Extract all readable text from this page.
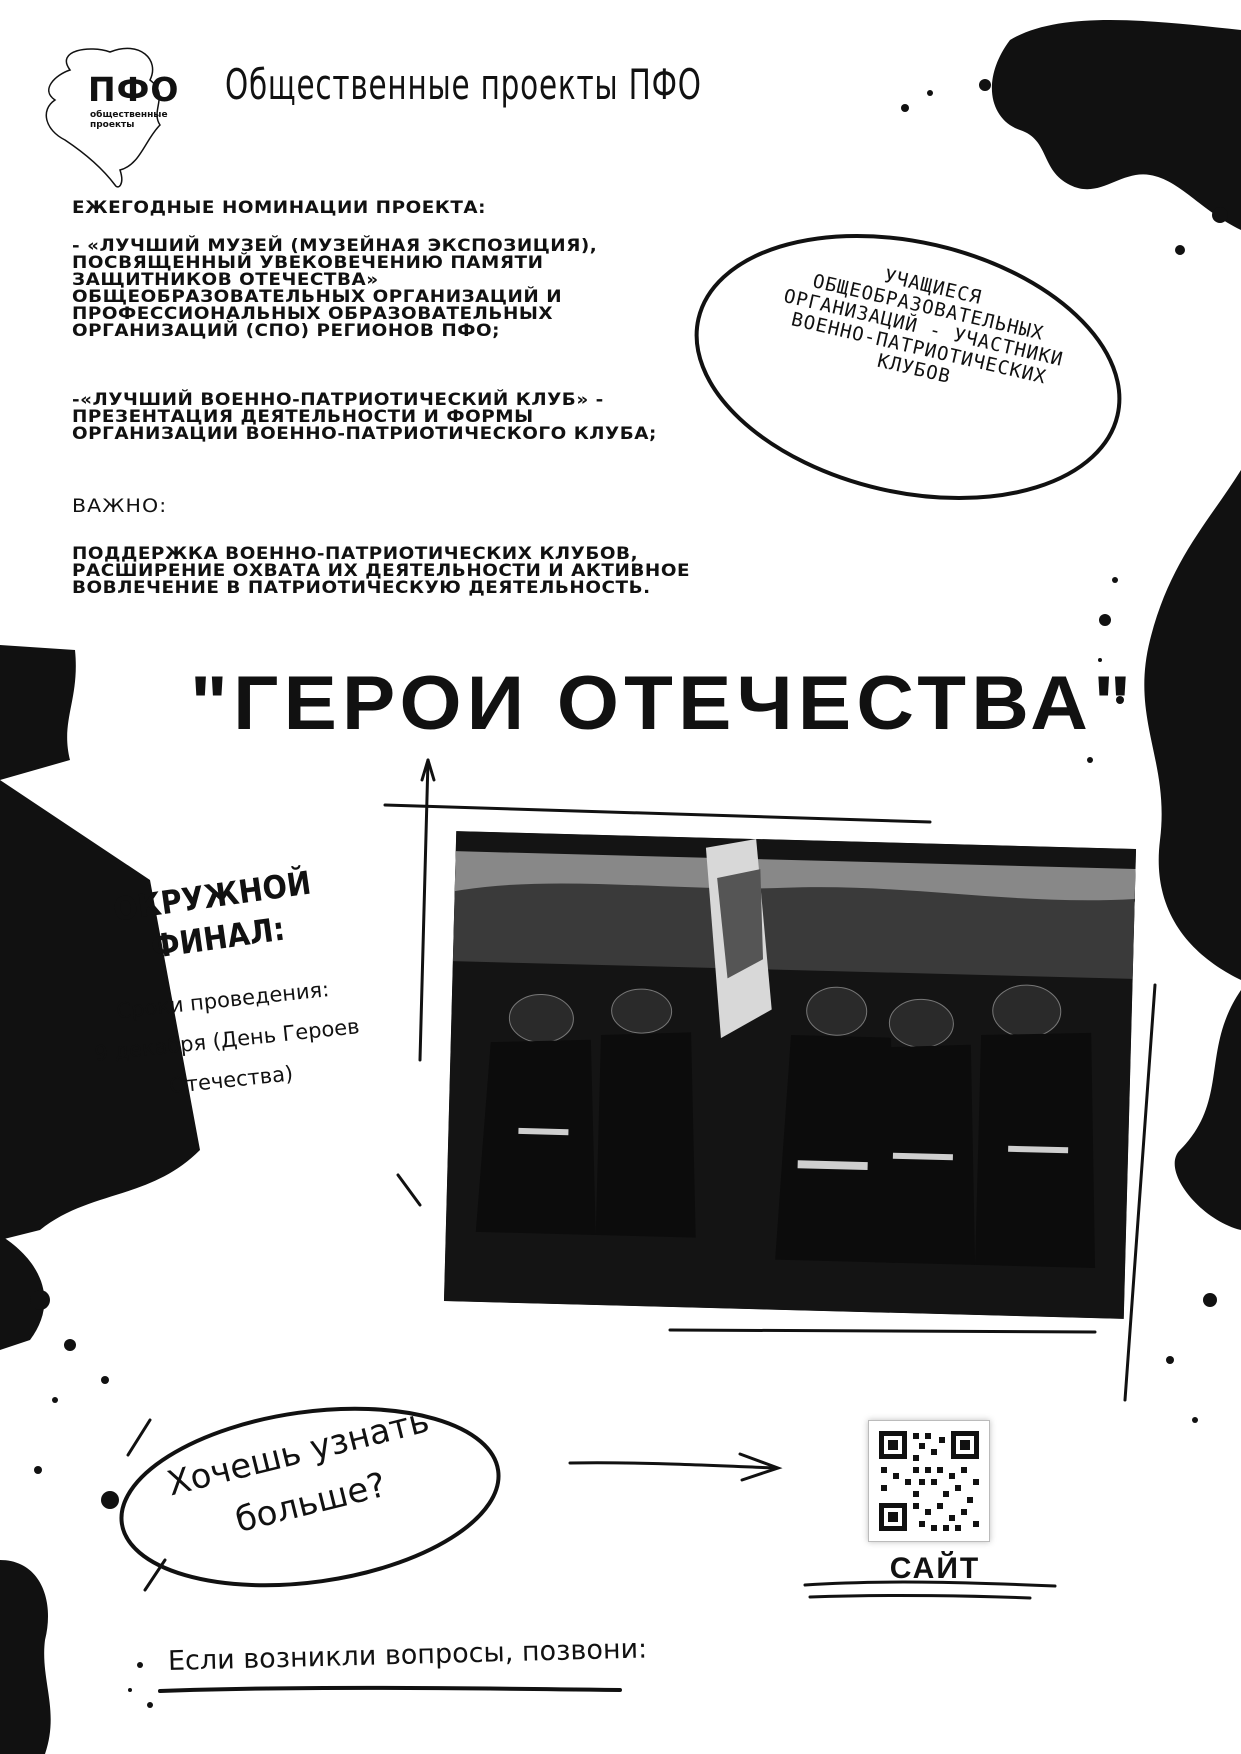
ПФО
общественные проекты
Общественные проекты ПФО
ЕЖЕГОДНЫЕ НОМИНАЦИИ ПРОЕКТА:
- «ЛУЧШИЙ МУЗЕЙ (МУЗЕЙНАЯ ЭКСПОЗИЦИЯ), ПОСВЯЩЕННЫЙ УВЕКОВЕЧЕНИЮ ПАМЯТИ ЗАЩИТНИКОВ ОТЕЧЕСТВА» ОБЩЕОБРАЗОВАТЕЛЬНЫХ ОРГАНИЗАЦИЙ И ПРОФЕССИОНАЛЬНЫХ ОБРАЗОВАТЕЛЬНЫХ ОРГАНИЗАЦИЙ (СПО) РЕГИОНОВ ПФО;
-«ЛУЧШИЙ ВОЕННО-ПАТРИОТИЧЕСКИЙ КЛУБ» - ПРЕЗЕНТАЦИЯ ДЕЯТЕЛЬНОСТИ И ФОРМЫ ОРГАНИЗАЦИИ ВОЕННО-ПАТРИОТИЧЕСКОГО КЛУБА;
ВАЖНО:
ПОДДЕРЖКА ВОЕННО-ПАТРИОТИЧЕСКИХ КЛУБОВ, РАСШИРЕНИЕ ОХВАТА ИХ ДЕЯТЕЛЬНОСТИ И АКТИВНОЕ ВОВЛЕЧЕНИЕ В ПАТРИОТИЧЕСКУЮ ДЕЯТЕЛЬНОСТЬ.
УЧАЩИЕСЯ ОБЩЕОБРАЗОВАТЕЛЬНЫХ ОРГАНИЗАЦИЙ - УЧАСТНИКИ ВОЕННО-ПАТРИОТИЧЕСКИХ КЛУБОВ
"ГЕРОИ ОТЕЧЕСТВА"
ОКРУЖНОЙ ФИНАЛ:
Сроки проведения:
9 декабря (День Героев Отечества)
Хочешь узнать больше?
САЙТ
Если возникли вопросы, позвони:
